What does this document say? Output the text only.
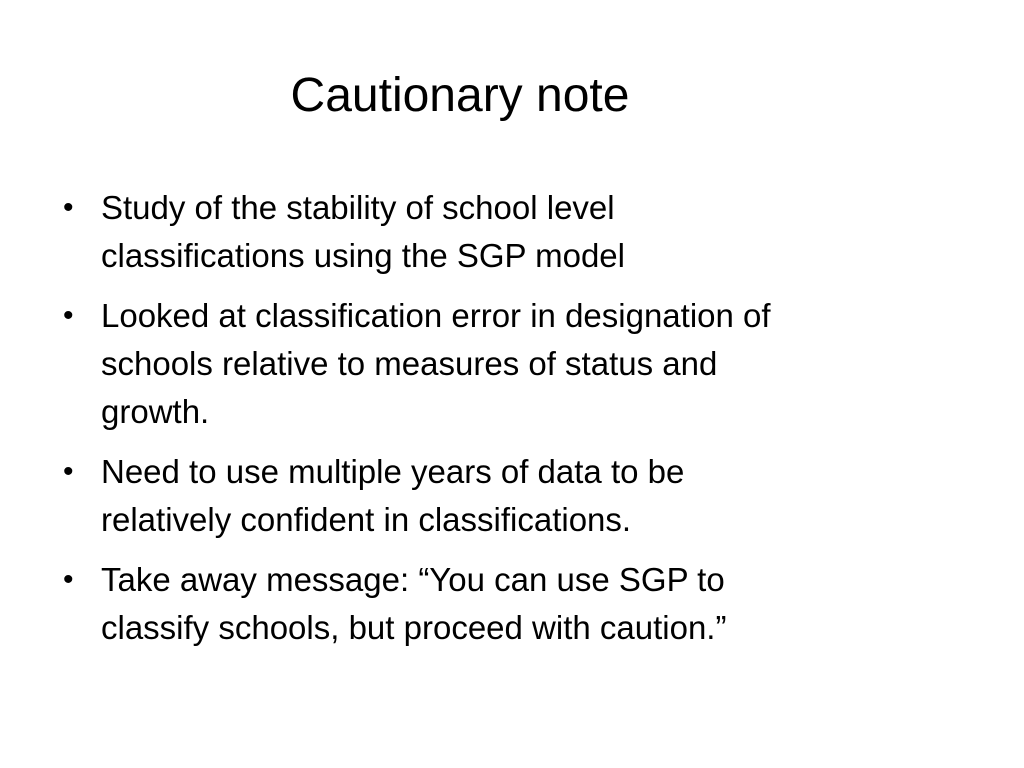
Cautionary note
• Study of the stability of school level
classifications using the SGP model
• Looked at classification error in designation of
schools relative to measures of status and
growth.
• Need to use multiple years of data to be
relatively confident in classifications.
• Take away message: “You can use SGP to
classify schools, but proceed with caution.”
